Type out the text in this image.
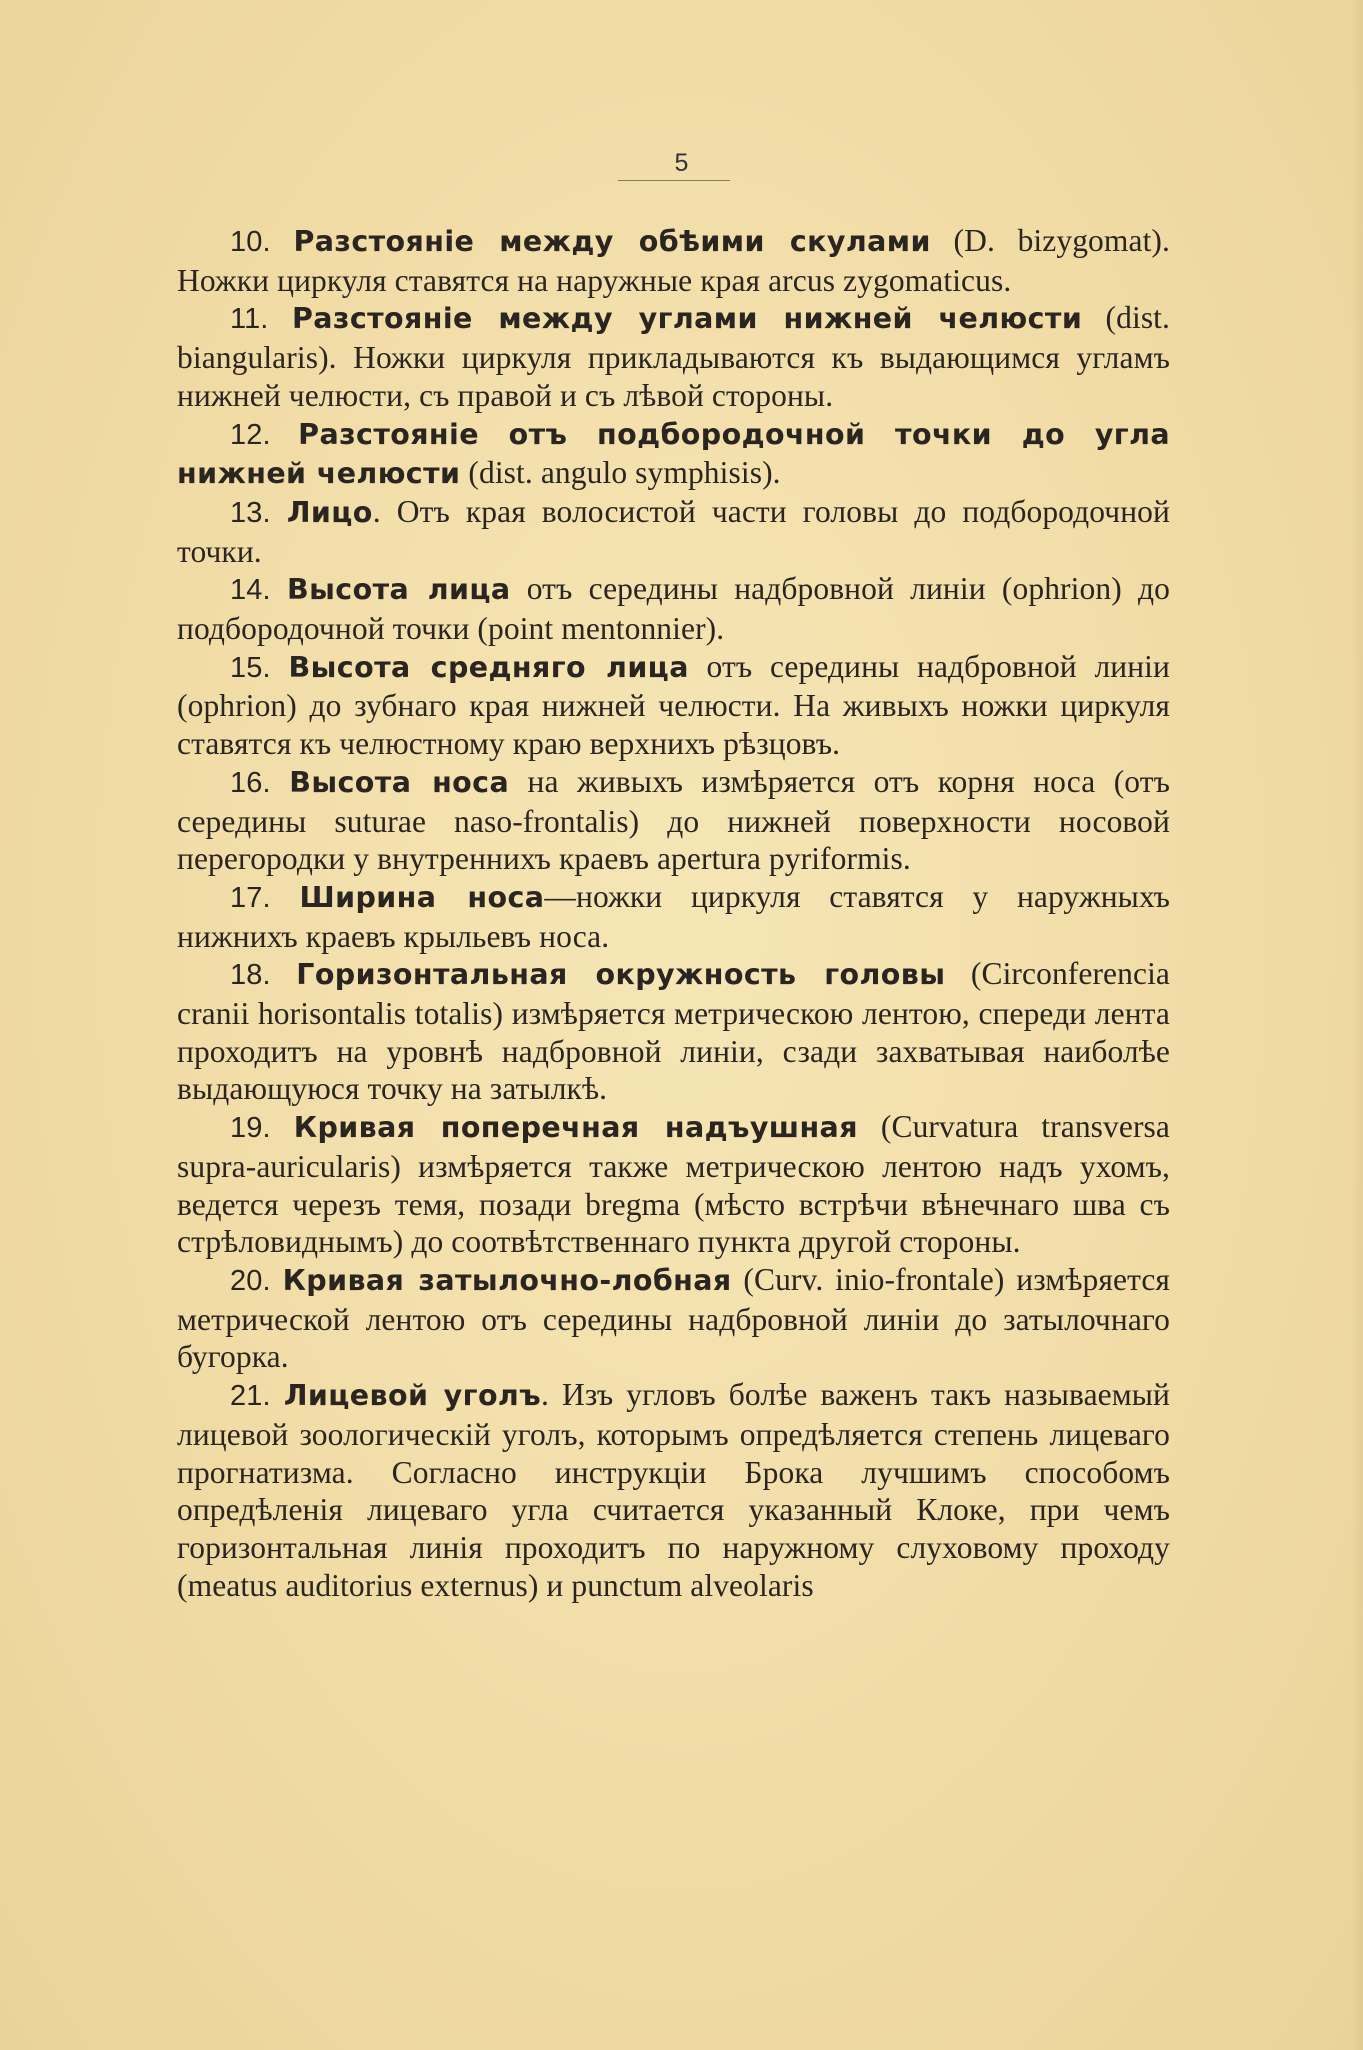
5

10. Разстоянiе между обѣими скулами (D. bizygomat). Ножки циркуля ставятся на наружные края arcus zygomaticus.

11. Разстоянiе между углами нижней челюсти (dist. biangularis). Ножки циркуля прикладываются къ выдающимся угламъ нижней челюсти, съ правой и съ лѣвой стороны.

12. Разстоянiе отъ подбородочной точки до угла нижней челюсти (dist. angulo symphisis).

13. Лицо. Отъ края волосистой части головы до подбородочной точки.

14. Высота лица отъ середины надбровной линiи (ophrion) до подбородочной точки (point mentonnier).

15. Высота средняго лица отъ середины надбровной линiи (ophrion) до зубнаго края нижней челюсти. На живыхъ ножки циркуля ставятся къ челюстному краю верхнихъ рѣзцовъ.

16. Высота носа на живыхъ измѣряется отъ корня носа (отъ середины suturae naso-frontalis) до нижней поверхности носовой перегородки у внутреннихъ краевъ apertura pyriformis.

17. Ширина носа—ножки циркуля ставятся у наружныхъ нижнихъ краевъ крыльевъ носа.

18. Горизонтальная окружность головы (Circonferencia cranii horisontalis totalis) измѣряется метрическою лентою, спереди лента проходитъ на уровнѣ надбровной линiи, сзади захватывая наиболѣе выдающуюся точку на затылкѣ.

19. Кривая поперечная надъушная (Curvatura transversa supra-auricularis) измѣряется также метрическою лентою надъ ухомъ, ведется черезъ темя, позади bregma (мѣсто встрѣчи вѣнечнаго шва съ стрѣловиднымъ) до соотвѣтственнаго пункта другой стороны.

20. Кривая затылочно-лобная (Curv. inio-frontale) измѣряется метрической лентою отъ середины надбровной линiи до затылочнаго бугорка.

21. Лицевой уголъ. Изъ угловъ болѣе важенъ такъ называемый лицевой зоологическiй уголъ, которымъ опредѣляется степень лицеваго прогнатизма. Согласно инструкцiи Брока лучшимъ способомъ опредѣленiя лицеваго угла считается указанный Клоке, при чемъ горизонтальная линiя проходитъ по наружному слуховому проходу (meatus auditorius externus) и punctum alveolaris
